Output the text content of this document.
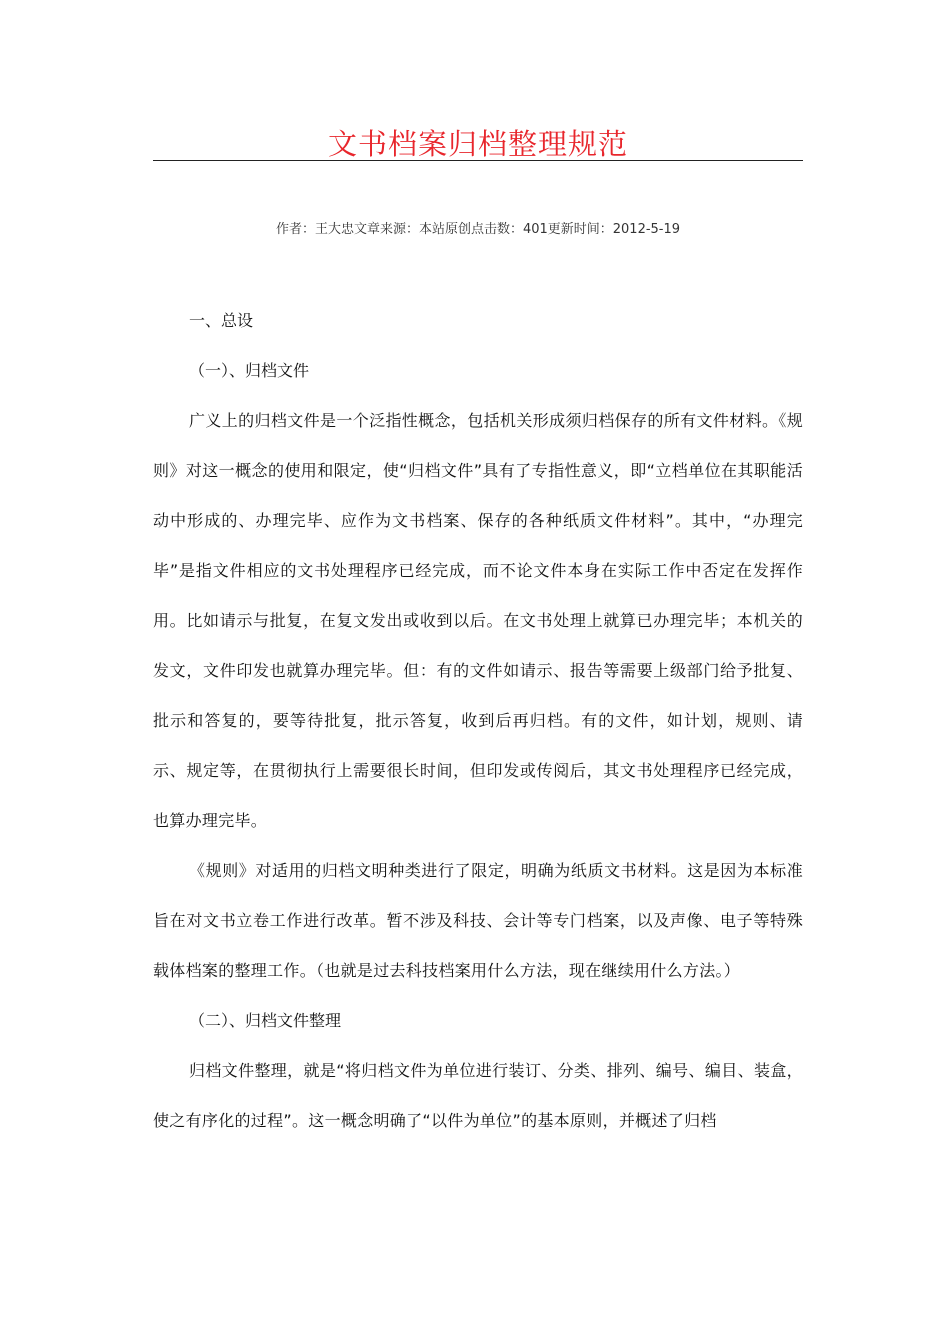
文书档案归档整理规范
作者：王大忠文章来源：本站原创点击数：401更新时间：2012-5-19
一、总设
（一）、归档文件

广义上的归档文件是一个泛指性概念，包括机关形成须归档保存的所有文件材料。《规则》对这一概念的使用和限定，使“归档文件”具有了专指性意义，即“立档单位在其职能活动中形成的、办理完毕、应作为文书档案、保存的各种纸质文件材料”。其中，“办理完毕”是指文件相应的文书处理程序已经完成，而不论文件本身在实际工作中否定在发挥作用。比如请示与批复，在复文发出或收到以后。在文书处理上就算已办理完毕；本机关的发文，文件印发也就算办理完毕。但：有的文件如请示、报告等需要上级部门给予批复、批示和答复的，要等待批复，批示答复，收到后再归档。有的文件，如计划，规则、请示、规定等，在贯彻执行上需要很长时间，但印发或传阅后，其文书处理程序已经完成，也算办理完毕。

《规则》对适用的归档文明种类进行了限定，明确为纸质文书材料。这是因为本标准旨在对文书立卷工作进行改革。暂不涉及科技、会计等专门档案，以及声像、电子等特殊载体档案的整理工作。（也就是过去科技档案用什么方法，现在继续用什么方法。）

（二）、归档文件整理

归档文件整理，就是“将归档文件为单位进行装订、分类、排列、编号、编目、装盒，使之有序化的过程”。这一概念明确了“以件为单位”的基本原则，并概述了归档
